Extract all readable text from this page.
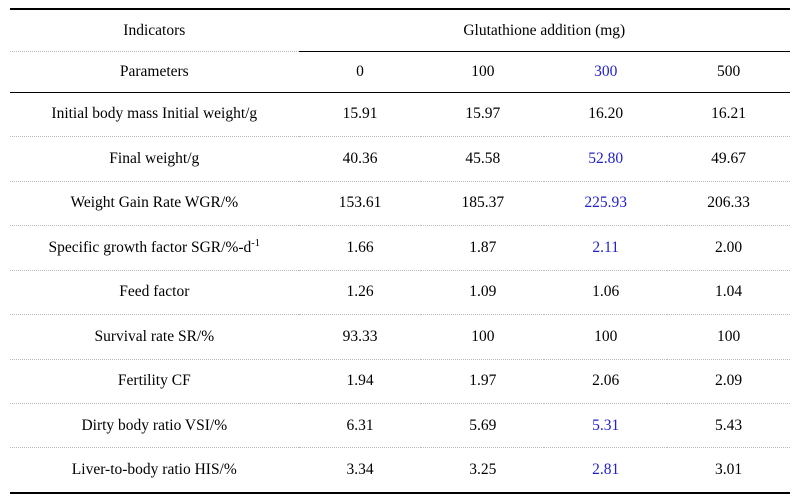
Indicators	Glutathione addition (mg)			
Parameters	0	100	300	500
Initial body mass Initial weight/g	15.91	15.97	16.20	16.21
Final weight/g	40.36	45.58	52.80	49.67
Weight Gain Rate WGR/%	153.61	185.37	225.93	206.33
Specific growth factor SGR/$\%-d^{-1}$	1.66	1.87	2.11	2.00
Feed factor	1.26	1.09	1.06	1.04
Survival rate SR/%	93.33	100	100	100
Fertility CF	1.94	1.97	2.06	2.09
Dirty body ratio VSI/%	6.31	5.69	5.31	5.43
Liver-to-body ratio HIS/%	3.34	3.25	2.81	3.01
